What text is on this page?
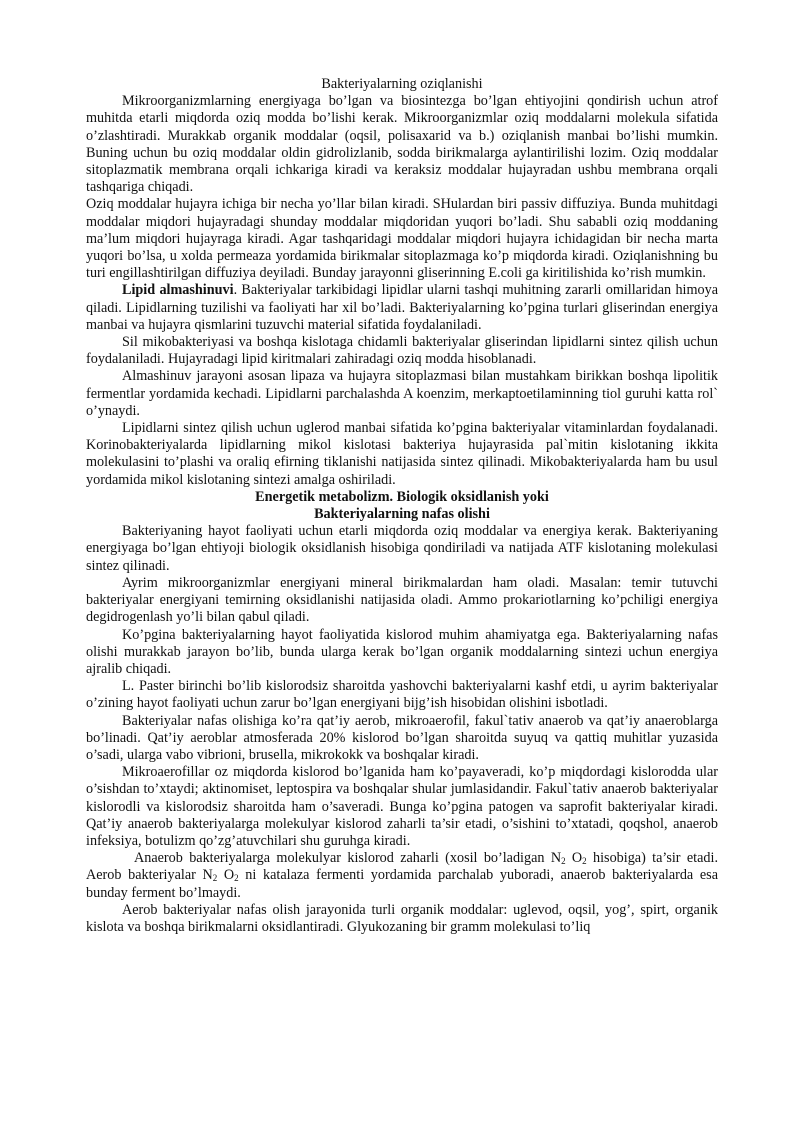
Bakteriyalarning oziqlanishi

Mikroorganizmlarning energiyaga bo’lgan va biosintezga bo’lgan ehtiyojini qondirish uchun atrof muhitda etarli miqdorda oziq modda bo’lishi kerak. Mikroorganizmlar oziq moddalarni molekula sifatida o’zlashtiradi. Murakkab organik moddalar (oqsil, polisaxarid va b.) oziqlanish manbai bo’lishi mumkin. Buning uchun bu oziq moddalar oldin gidrolizlanib, sodda birikmalarga aylantirilishi lozim. Oziq moddalar sitoplazmatik membrana orqali ichkariga kiradi va keraksiz moddalar hujayradan ushbu membrana orqali tashqariga chiqadi.

Oziq moddalar hujayra ichiga bir necha yo’llar bilan kiradi. SHulardan biri passiv diffuziya. Bunda muhitdagi moddalar miqdori hujayradagi shunday moddalar miqdoridan yuqori bo’ladi. Shu sababli oziq moddaning ma’lum miqdori hujayraga kiradi. Agar tashqaridagi moddalar miqdori hujayra ichidagidan bir necha marta yuqori bo’lsa, u xolda permeaza yordamida birikmalar sitoplazmaga ko’p miqdorda kiradi. Oziqlanishning bu turi engillashtirilgan diffuziya deyiladi. Bunday jarayonni gliserinning E.coli ga kiritilishida ko’rish mumkin.

Lipid almashinuvi. Bakteriyalar tarkibidagi lipidlar ularni tashqi muhitning zararli omillaridan himoya qiladi. Lipidlarning tuzilishi va faoliyati har xil bo’ladi. Bakteriyalarning ko’pgina turlari gliserindan energiya manbai va hujayra qismlarini tuzuvchi material sifatida foydalaniladi.

Sil mikobakteriyasi va boshqa kislotaga chidamli bakteriyalar gliserindan lipidlarni sintez qilish uchun foydalaniladi. Hujayradagi lipid kiritmalari zahiradagi oziq modda hisoblanadi.

Almashinuv jarayoni asosan lipaza va hujayra sitoplazmasi bilan mustahkam birikkan boshqa lipolitik fermentlar yordamida kechadi. Lipidlarni parchalashda A koenzim, merkaptoetilaminning tiol guruhi katta rol` o’ynaydi.

Lipidlarni sintez qilish uchun uglerod manbai sifatida ko’pgina bakteriyalar vitaminlardan foydalanadi. Korinobakteriyalarda lipidlarning mikol kislotasi bakteriya hujayrasida pal`mitin kislotaning ikkita molekulasini to’plashi va oraliq efirning tiklanishi natijasida sintez qilinadi. Mikobakteriyalarda ham bu usul yordamida mikol kislotaning sintezi amalga oshiriladi.

Energetik metabolizm. Biologik oksidlanish yoki

Bakteriyalarning nafas olishi

Bakteriyaning hayot faoliyati uchun etarli miqdorda oziq moddalar va energiya kerak. Bakteriyaning energiyaga bo’lgan ehtiyoji biologik oksidlanish hisobiga qondiriladi va natijada ATF kislotaning molekulasi sintez qilinadi.

Ayrim mikroorganizmlar energiyani mineral birikmalardan ham oladi. Masalan: temir tutuvchi bakteriyalar energiyani temirning oksidlanishi natijasida oladi. Ammo prokariotlarning ko’pchiligi energiya degidrogenlash yo’li bilan qabul qiladi.

Ko’pgina bakteriyalarning hayot faoliyatida kislorod muhim ahamiyatga ega. Bakteriyalarning nafas olishi murakkab jarayon bo’lib, bunda ularga kerak bo’lgan organik moddalarning sintezi uchun energiya ajralib chiqadi.

L. Paster birinchi bo’lib kislorodsiz sharoitda yashovchi bakteriyalarni kashf etdi, u ayrim bakteriyalar o’zining hayot faoliyati uchun zarur bo’lgan energiyani bijg’ish hisobidan olishini isbotladi.

Bakteriyalar nafas olishiga ko’ra qat’iy aerob, mikroaerofil, fakul`tativ anaerob va qat’iy anaeroblarga bo’linadi. Qat’iy aeroblar atmosferada 20% kislorod bo’lgan sharoitda suyuq va qattiq muhitlar yuzasida o’sadi, ularga vabo vibrioni, brusella, mikrokokk va boshqalar kiradi.

Mikroaerofillar oz miqdorda kislorod bo’lganida ham ko’payaveradi, ko’p miqdordagi kislorodda ular o’sishdan to’xtaydi; aktinomiset, leptospira va boshqalar shular jumlasidandir. Fakul`tativ anaerob bakteriyalar kislorodli va kislorodsiz sharoitda ham o’saveradi. Bunga ko’pgina patogen va saprofit bakteriyalar kiradi. Qat’iy anaerob bakteriyalarga molekulyar kislorod zaharli ta’sir etadi, o’sishini to’xtatadi, qoqshol, anaerob infeksiya, botulizm qo’zg’atuvchilari shu guruhga kiradi.

Anaerob bakteriyalarga molekulyar kislorod zaharli (xosil bo’ladigan $N_2$ $O_2$ hisobiga) ta’sir etadi. Aerob bakteriyalar $N_2$ $O_2$ ni katalaza fermenti yordamida parchalab yuboradi, anaerob bakteriyalarda esa bunday ferment bo’lmaydi.

Aerob bakteriyalar nafas olish jarayonida turli organik moddalar: uglevod, oqsil, yog’, spirt, organik kislota va boshqa birikmalarni oksidlantiradi. Glyukozaning bir gramm molekulasi to’liq
